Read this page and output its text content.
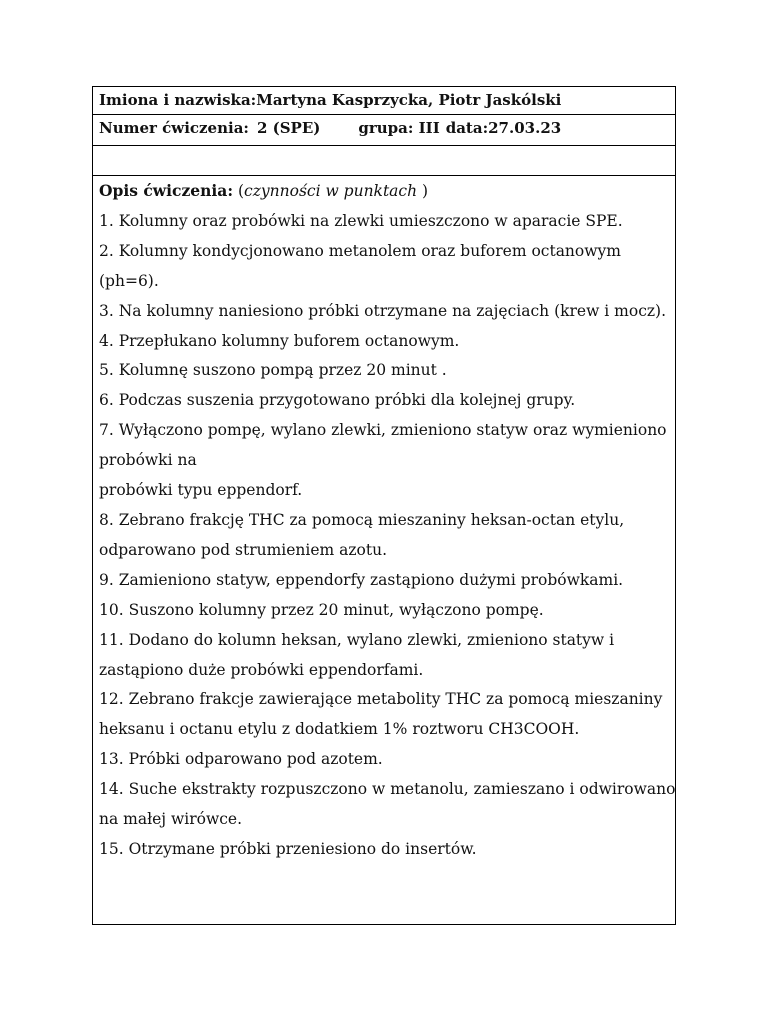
Imiona i nazwiska:Martyna Kasprzycka, Piotr Jaskólski
Numer ćwiczenia: 2 (SPE)	grupa: III data:27.03.23
Opis ćwiczenia: (czynności w punktach )
1. Kolumny oraz probówki na zlewki umieszczono w aparacie SPE.
2. Kolumny kondycjonowano metanolem oraz buforem octanowym
(ph=6).
3. Na kolumny naniesiono próbki otrzymane na zajęciach (krew i mocz).
4. Przepłukano kolumny buforem octanowym.
5. Kolumnę suszono pompą przez 20 minut .
6. Podczas suszenia przygotowano próbki dla kolejnej grupy.
7. Wyłączono pompę, wylano zlewki, zmieniono statyw oraz wymieniono
probówki na
probówki typu eppendorf.
8. Zebrano frakcję THC za pomocą mieszaniny heksan-octan etylu,
odparowano pod strumieniem azotu.
9. Zamieniono statyw, eppendorfy zastąpiono dużymi probówkami.
10. Suszono kolumny przez 20 minut, wyłączono pompę.
11. Dodano do kolumn heksan, wylano zlewki, zmieniono statyw i
zastąpiono duże probówki eppendorfami.
12. Zebrano frakcje zawierające metabolity THC za pomocą mieszaniny
heksanu i octanu etylu z dodatkiem 1% roztworu CH3COOH.
13. Próbki odparowano pod azotem.
14. Suche ekstrakty rozpuszczono w metanolu, zamieszano i odwirowano
na małej wirówce.
15. Otrzymane próbki przeniesiono do insertów.
